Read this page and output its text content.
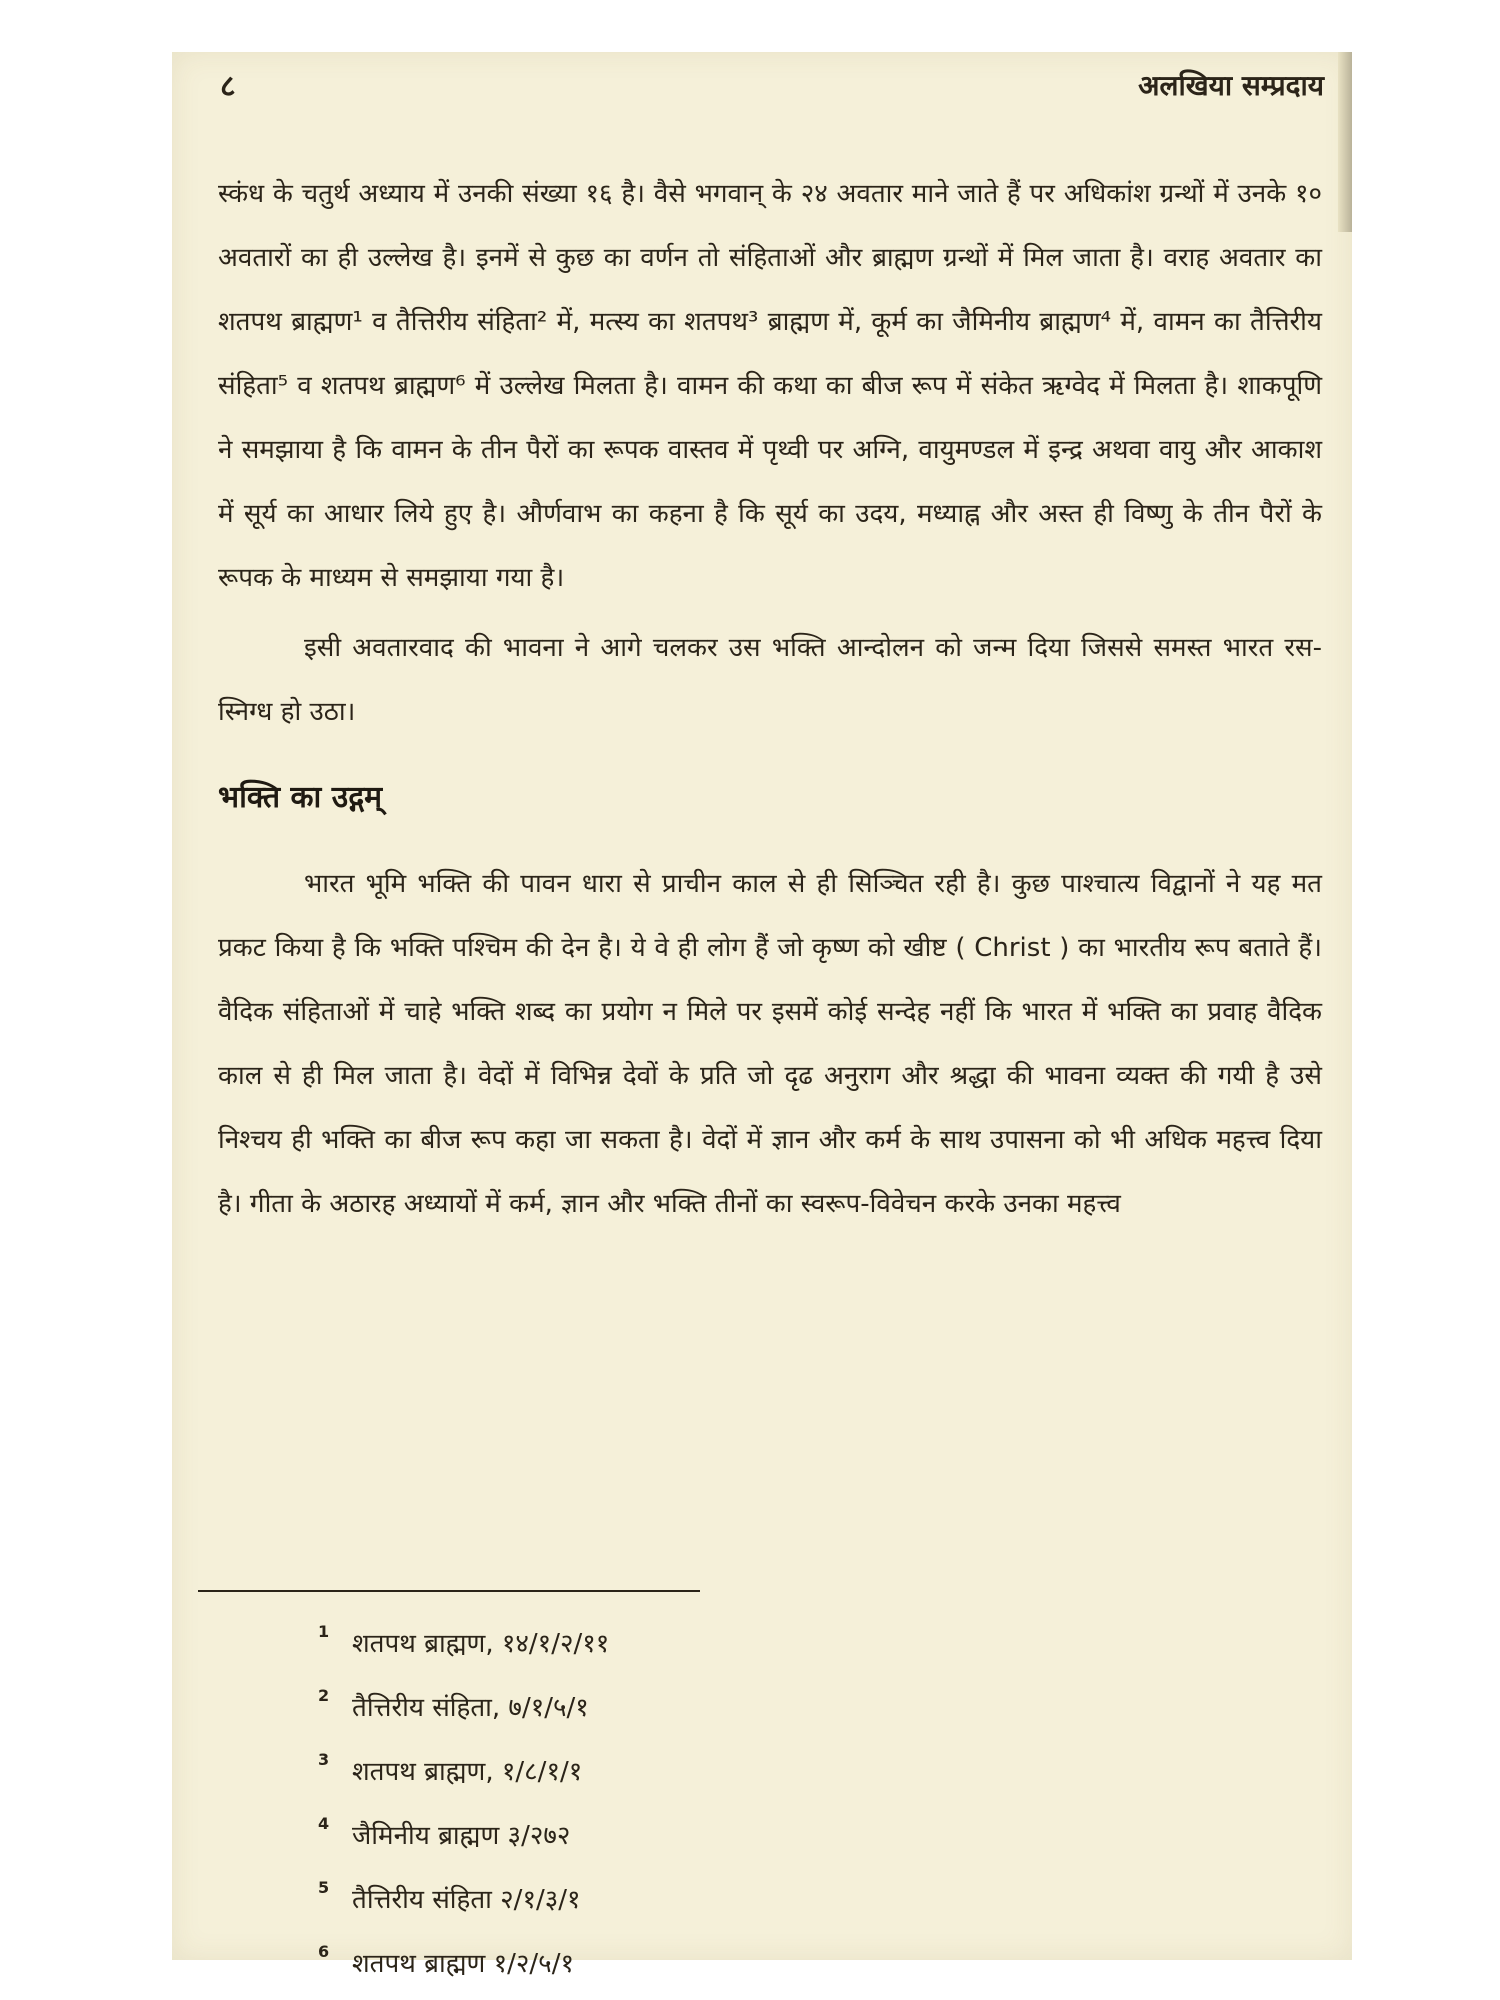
८	अलखिया सम्प्रदाय

स्कंध के चतुर्थ अध्याय में उनकी संख्या १६ है। वैसे भगवान् के २४ अवतार माने जाते हैं पर अधिकांश ग्रन्थों में उनके १० अवतारों का ही उल्लेख है। इनमें से कुछ का वर्णन तो संहिताओं और ब्राह्मण ग्रन्थों में मिल जाता है। वराह अवतार का शतपथ ब्राह्मण¹ व तैत्तिरीय संहिता² में, मत्स्य का शतपथ³ ब्राह्मण में, कूर्म का जैमिनीय ब्राह्मण⁴ में, वामन का तैत्तिरीय संहिता⁵ व शतपथ ब्राह्मण⁶ में उल्लेख मिलता है। वामन की कथा का बीज रूप में संकेत ऋग्वेद में मिलता है। शाकपूणि ने समझाया है कि वामन के तीन पैरों का रूपक वास्तव में पृथ्वी पर अग्नि, वायुमण्डल में इन्द्र अथवा वायु और आकाश में सूर्य का आधार लिये हुए है। और्णवाभ का कहना है कि सूर्य का उदय, मध्याह्न और अस्त ही विष्णु के तीन पैरों के रूपक के माध्यम से समझाया गया है।

इसी अवतारवाद की भावना ने आगे चलकर उस भक्ति आन्दोलन को जन्म दिया जिससे समस्त भारत रस-स्निग्ध हो उठा।

भक्ति का उद्गम्

भारत भूमि भक्ति की पावन धारा से प्राचीन काल से ही सिञ्चित रही है। कुछ पाश्चात्य विद्वानों ने यह मत प्रकट किया है कि भक्ति पश्चिम की देन है। ये वे ही लोग हैं जो कृष्ण को खीष्ट ( Christ ) का भारतीय रूप बताते हैं। वैदिक संहिताओं में चाहे भक्ति शब्द का प्रयोग न मिले पर इसमें कोई सन्देह नहीं कि भारत में भक्ति का प्रवाह वैदिक काल से ही मिल जाता है। वेदों में विभिन्न देवों के प्रति जो दृढ अनुराग और श्रद्धा की भावना व्यक्त की गयी है उसे निश्चय ही भक्ति का बीज रूप कहा जा सकता है। वेदों में ज्ञान और कर्म के साथ उपासना को भी अधिक महत्त्व दिया है। गीता के अठारह अध्यायों में कर्म, ज्ञान और भक्ति तीनों का स्वरूप-विवेचन करके उनका महत्त्व

1 शतपथ ब्राह्मण, १४/१/२/११
2 तैत्तिरीय संहिता, ७/१/५/१
3 शतपथ ब्राह्मण, १/८/१/१
4 जैमिनीय ब्राह्मण ३/२७२
5 तैत्तिरीय संहिता २/१/३/१
6 शतपथ ब्राह्मण १/२/५/१
